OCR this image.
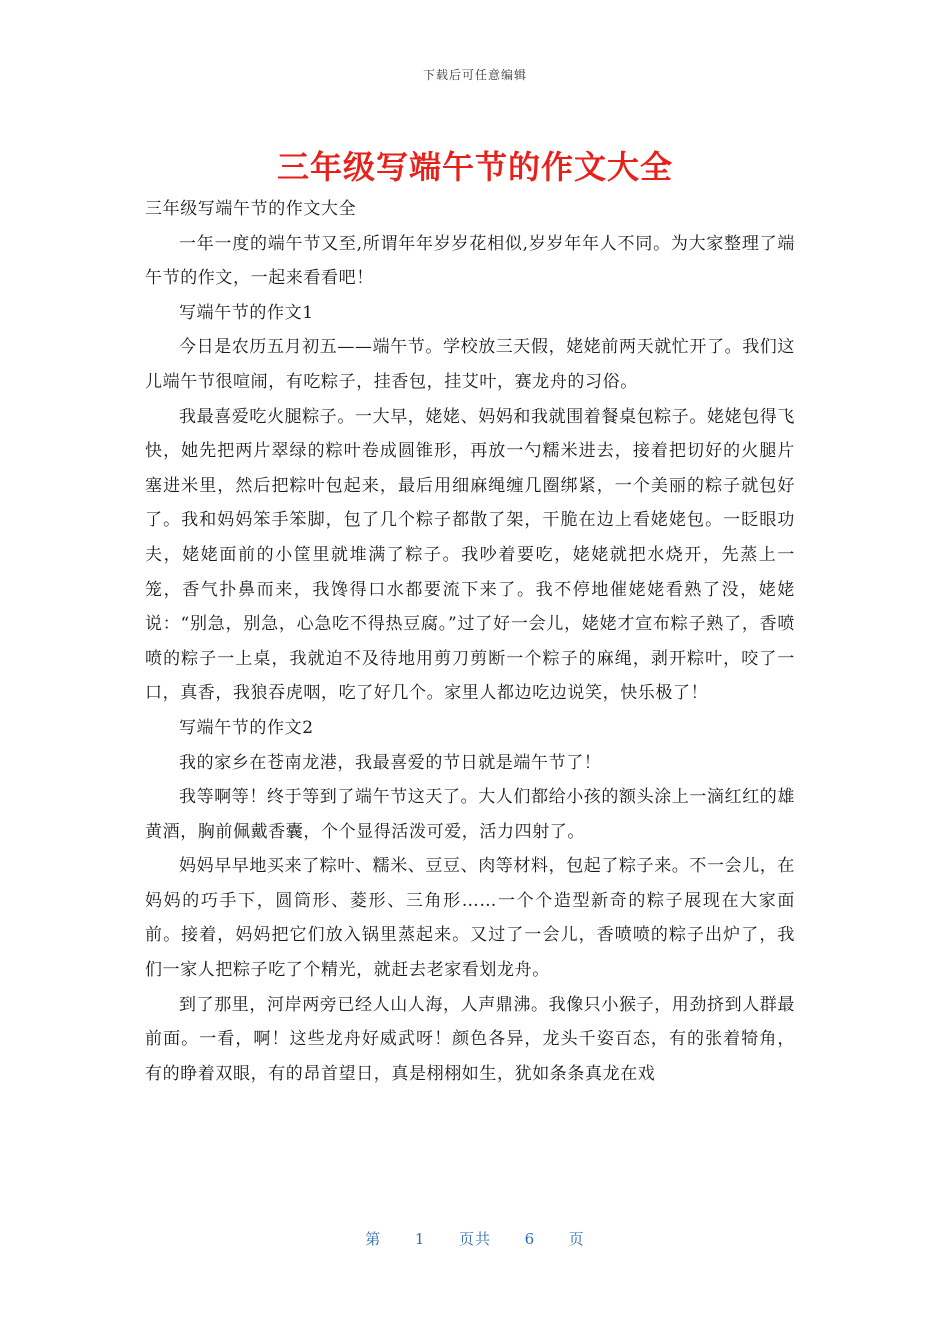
下载后可任意编辑
三年级写端午节的作文大全

三年级写端午节的作文大全

一年一度的端午节又至,所谓年年岁岁花相似,岁岁年年人不同。为大家整理了端午节的作文，一起来看看吧！

写端午节的作文1

今日是农历五月初五——端午节。学校放三天假，姥姥前两天就忙开了。我们这儿端午节很喧闹，有吃粽子，挂香包，挂艾叶，赛龙舟的习俗。

我最喜爱吃火腿粽子。一大早，姥姥、妈妈和我就围着餐桌包粽子。姥姥包得飞快，她先把两片翠绿的粽叶卷成圆锥形，再放一勺糯米进去，接着把切好的火腿片塞进米里，然后把粽叶包起来，最后用细麻绳缠几圈绑紧，一个美丽的粽子就包好了。我和妈妈笨手笨脚，包了几个粽子都散了架，干脆在边上看姥姥包。一眨眼功夫，姥姥面前的小筐里就堆满了粽子。我吵着要吃，姥姥就把水烧开，先蒸上一笼，香气扑鼻而来，我馋得口水都要流下来了。我不停地催姥姥看熟了没，姥姥说：“别急，别急，心急吃不得热豆腐。”过了好一会儿，姥姥才宣布粽子熟了，香喷喷的粽子一上桌，我就迫不及待地用剪刀剪断一个粽子的麻绳，剥开粽叶，咬了一口，真香，我狼吞虎咽，吃了好几个。家里人都边吃边说笑，快乐极了！

写端午节的作文2

我的家乡在苍南龙港，我最喜爱的节日就是端午节了！

我等啊等！终于等到了端午节这天了。大人们都给小孩的额头涂上一滴红红的雄黄酒，胸前佩戴香囊，个个显得活泼可爱，活力四射了。

妈妈早早地买来了粽叶、糯米、豆豆、肉等材料，包起了粽子来。不一会儿，在妈妈的巧手下，圆筒形、菱形、三角形……一个个造型新奇的粽子展现在大家面前。接着，妈妈把它们放入锅里蒸起来。又过了一会儿，香喷喷的粽子出炉了，我们一家人把粽子吃了个精光，就赶去老家看划龙舟。

到了那里，河岸两旁已经人山人海，人声鼎沸。我像只小猴子，用劲挤到人群最前面。一看，啊！这些龙舟好威武呀！颜色各异，龙头千姿百态，有的张着犄角，有的睁着双眼，有的昂首望日，真是栩栩如生，犹如条条真龙在戏

第 1 页共 6 页
